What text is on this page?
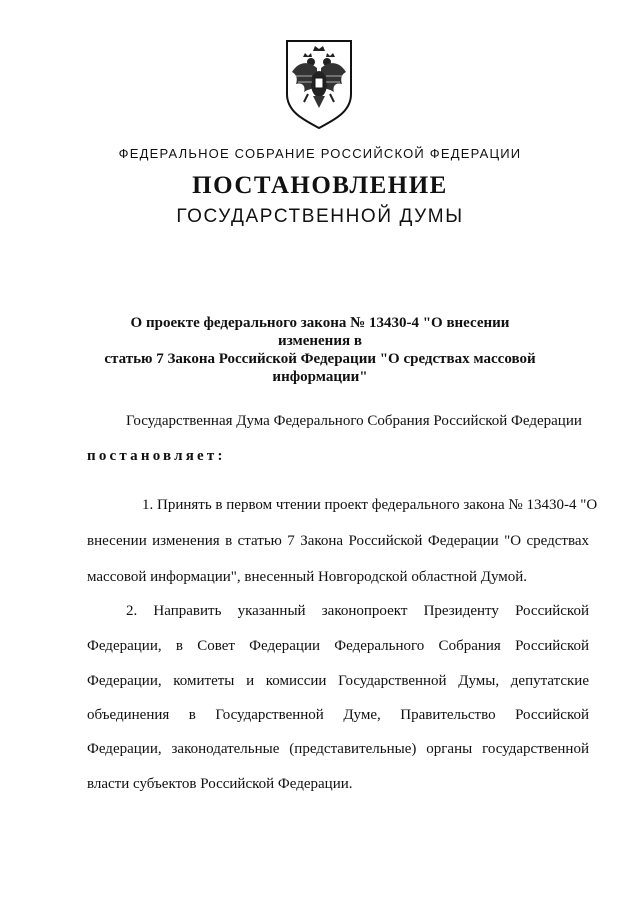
ФЕДЕРАЛЬНОЕ СОБРАНИЕ РОССИЙСКОЙ ФЕДЕРАЦИИ
ПОСТАНОВЛЕНИЕ
ГОСУДАРСТВЕННОЙ ДУМЫ
О проекте федерального закона № 13430-4 "О внесении изменения в
статью 7 Закона Российской Федерации "О средствах массовой
информации"
Государственная Дума Федерального Собрания Российской Федерации
постановляет:
1. Принять в первом чтении проект федерального закона № 13430-4 "О
внесении изменения в статью 7 Закона Российской Федерации "О средствах
массовой информации", внесенный Новгородской областной Думой.
2. Направить указанный законопроект Президенту Российской
Федерации, в Совет Федерации Федерального Собрания Российской
Федерации, комитеты и комиссии Государственной Думы, депутатские
объединения в Государственной Думе, Правительство Российской
Федерации, законодательные (представительные) органы государственной
власти субъектов Российской Федерации.
